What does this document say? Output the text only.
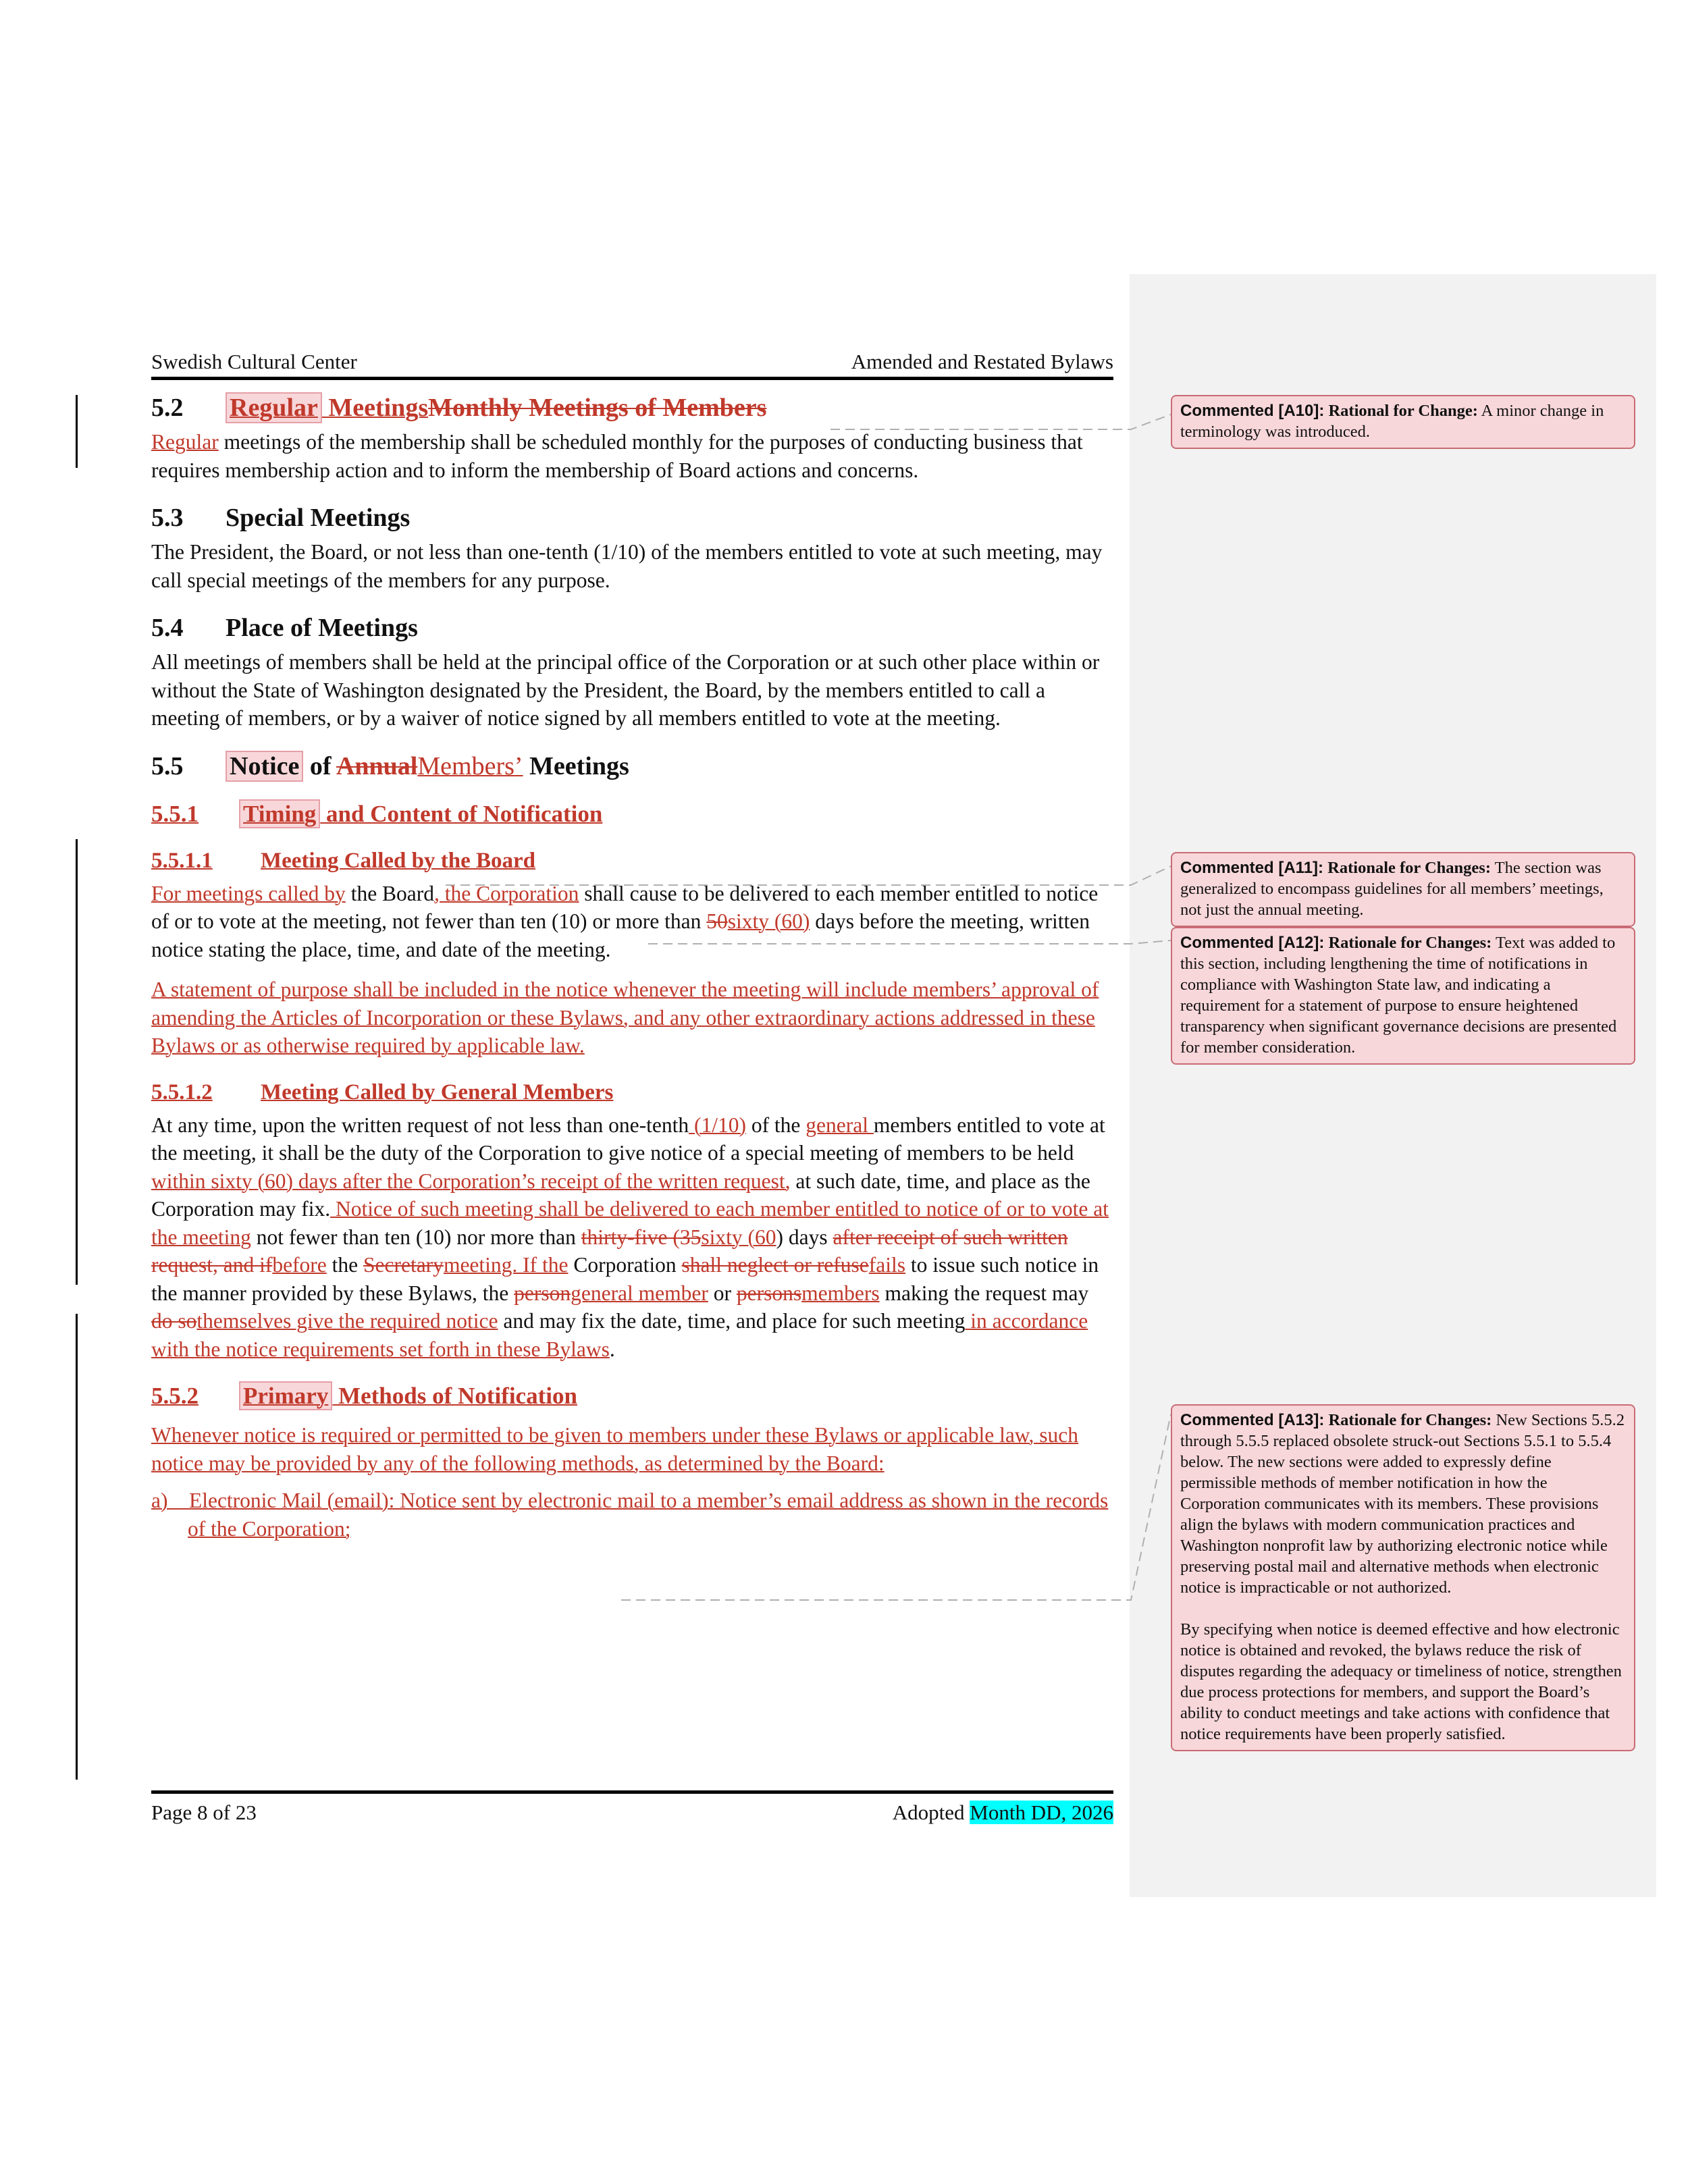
Swedish Cultural Center	Amended and Restated Bylaws
5.2 Regular MeetingsMonthly Meetings of Members

Regular meetings of the membership shall be scheduled monthly for the purposes of conducting business that requires membership action and to inform the membership of Board actions and concerns.

5.3 Special Meetings

The President, the Board, or not less than one-tenth (1/10) of the members entitled to vote at such meeting, may call special meetings of the members for any purpose.

5.4 Place of Meetings

All meetings of members shall be held at the principal office of the Corporation or at such other place within or without the State of Washington designated by the President, the Board, by the members entitled to call a meeting of members, or by a waiver of notice signed by all members entitled to vote at the meeting.

5.5 Notice of AnnualMembers’ Meetings
5.5.1 Timing and Content of Notification
5.5.1.1 Meeting Called by the Board

For meetings called by the Board, the Corporation shall cause to be delivered to each member entitled to notice of or to vote at the meeting, not fewer than ten (10) or more than 50sixty (60) days before the meeting, written notice stating the place, time, and date of the meeting.

A statement of purpose shall be included in the notice whenever the meeting will include members’ approval of amending the Articles of Incorporation or these Bylaws, and any other extraordinary actions addressed in these Bylaws or as otherwise required by applicable law.

5.5.1.2 Meeting Called by General Members

At any time, upon the written request of not less than one-tenth (1/10) of the general members entitled to vote at the meeting, it shall be the duty of the Corporation to give notice of a special meeting of members to be held within sixty (60) days after the Corporation’s receipt of the written request, at such date, time, and place as the Corporation may fix. Notice of such meeting shall be delivered to each member entitled to notice of or to vote at the meeting not fewer than ten (10) nor more than thirty-five (35sixty (60) days after receipt of such written request, and ifbefore the Secretarymeeting. If the Corporation shall neglect or refusefails to issue such notice in the manner provided by these Bylaws, the persongeneral member or personsmembers making the request may do sothemselves give the required notice and may fix the date, time, and place for such meeting in accordance with the notice requirements set forth in these Bylaws.

5.5.2 Primary Methods of Notification

Whenever notice is required or permitted to be given to members under these Bylaws or applicable law, such notice may be provided by any of the following methods, as determined by the Board:

a) Electronic Mail (email): Notice sent by electronic mail to a member’s email address as shown in the records of the Corporation;

Page 8 of 23	Adopted Month DD, 2026

Commented [A10]: Rational for Change: A minor change in terminology was introduced.

Commented [A11]: Rationale for Changes: The section was generalized to encompass guidelines for all members’ meetings, not just the annual meeting.

Commented [A12]: Rationale for Changes: Text was added to this section, including lengthening the time of notifications in compliance with Washington State law, and indicating a requirement for a statement of purpose to ensure heightened transparency when significant governance decisions are presented for member consideration.

Commented [A13]: Rationale for Changes: New Sections 5.5.2 through 5.5.5 replaced obsolete struck-out Sections 5.5.1 to 5.5.4 below. The new sections were added to expressly define permissible methods of member notification in how the Corporation communicates with its members. These provisions align the bylaws with modern communication practices and Washington nonprofit law by authorizing electronic notice while preserving postal mail and alternative methods when electronic notice is impracticable or not authorized.

By specifying when notice is deemed effective and how electronic notice is obtained and revoked, the bylaws reduce the risk of disputes regarding the adequacy or timeliness of notice, strengthen due process protections for members, and support the Board’s ability to conduct meetings and take actions with confidence that notice requirements have been properly satisfied.
